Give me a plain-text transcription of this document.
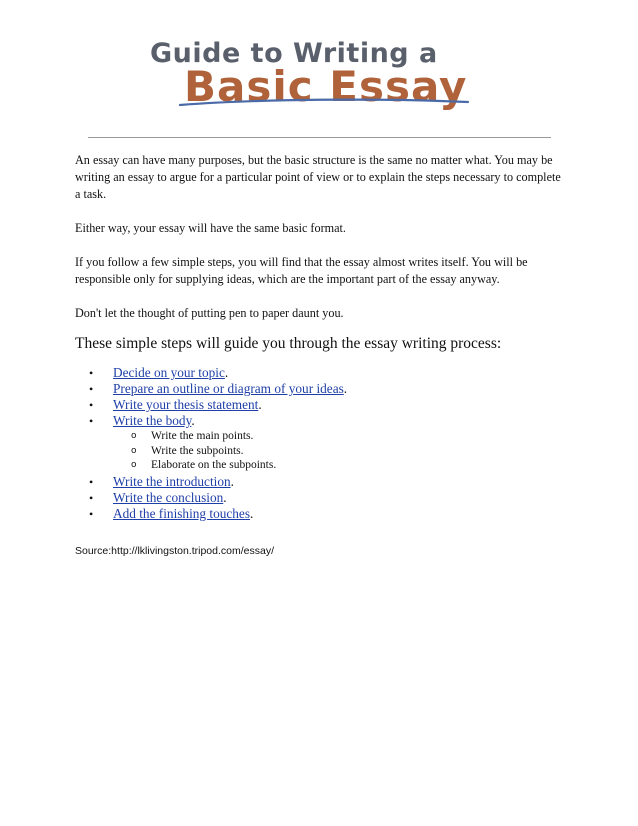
Guide to Writing a
Basic Essay

An essay can have many purposes, but the basic structure is the same no matter what. You may be writing an essay to argue for a particular point of view or to explain the steps necessary to complete a task.

Either way, your essay will have the same basic format.

If you follow a few simple steps, you will find that the essay almost writes itself. You will be responsible only for supplying ideas, which are the important part of the essay anyway.

Don't let the thought of putting pen to paper daunt you.

These simple steps will guide you through the essay writing process:
• Decide on your topic.
• Prepare an outline or diagram of your ideas.
• Write your thesis statement.
• Write the body.
o Write the main points.
o Write the subpoints.
o Elaborate on the subpoints.
• Write the introduction.
• Write the conclusion.
• Add the finishing touches.
Source:http://lklivingston.tripod.com/essay/
